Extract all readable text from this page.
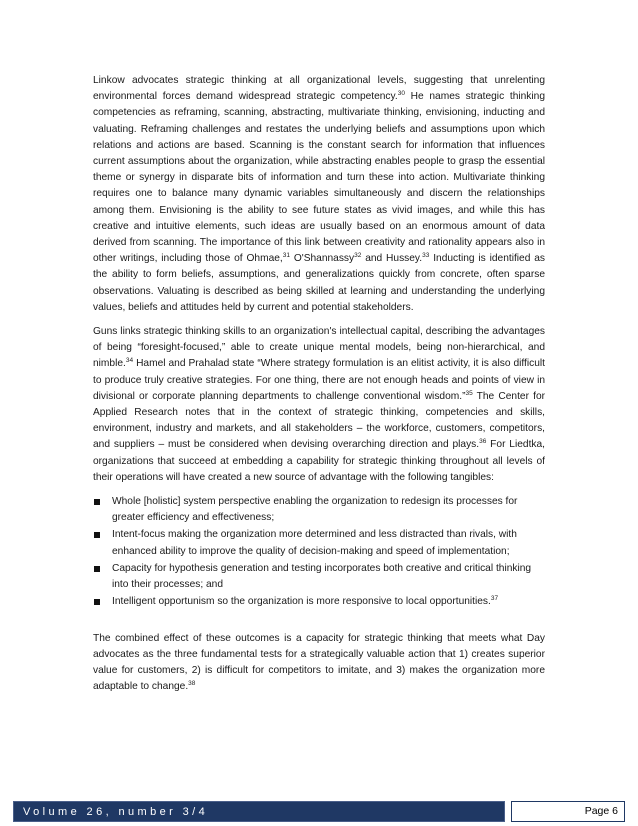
Linkow advocates strategic thinking at all organizational levels, suggesting that unrelenting environmental forces demand widespread strategic competency.$^{30}$ He names strategic thinking competencies as reframing, scanning, abstracting, multivariate thinking, envisioning, inducting and valuating. Reframing challenges and restates the underlying beliefs and assumptions upon which relations and actions are based. Scanning is the constant search for information that influences current assumptions about the organization, while abstracting enables people to grasp the essential theme or synergy in disparate bits of information and turn these into action. Multivariate thinking requires one to balance many dynamic variables simultaneously and discern the relationships among them. Envisioning is the ability to see future states as vivid images, and while this has creative and intuitive elements, such ideas are usually based on an enormous amount of data derived from scanning. The importance of this link between creativity and rationality appears also in other writings, including those of Ohmae,$^{31}$ O'Shannassy$^{32}$ and Hussey.$^{33}$ Inducting is identified as the ability to form beliefs, assumptions, and generalizations quickly from concrete, often sparse observations. Valuating is described as being skilled at learning and understanding the underlying values, beliefs and attitudes held by current and potential stakeholders.

Guns links strategic thinking skills to an organization's intellectual capital, describing the advantages of being “foresight-focused,” able to create unique mental models, being non-hierarchical, and nimble.$^{34}$ Hamel and Prahalad state “Where strategy formulation is an elitist activity, it is also difficult to produce truly creative strategies. For one thing, there are not enough heads and points of view in divisional or corporate planning departments to challenge conventional wisdom.”$^{35}$ The Center for Applied Research notes that in the context of strategic thinking, competencies and skills, environment, industry and markets, and all stakeholders – the workforce, customers, competitors, and suppliers – must be considered when devising overarching direction and plays.$^{36}$ For Liedtka, organizations that succeed at embedding a capability for strategic thinking throughout all levels of their operations will have created a new source of advantage with the following tangibles:

Whole [holistic] system perspective enabling the organization to redesign its processes for greater efficiency and effectiveness;
Intent-focus making the organization more determined and less distracted than rivals, with enhanced ability to improve the quality of decision-making and speed of implementation;
Capacity for hypothesis generation and testing incorporates both creative and critical thinking into their processes; and
Intelligent opportunism so the organization is more responsive to local opportunities.$^{37}$

The combined effect of these outcomes is a capacity for strategic thinking that meets what Day advocates as the three fundamental tests for a strategically valuable action that 1) creates superior value for customers, 2) is difficult for competitors to imitate, and 3) makes the organization more adaptable to change.$^{38}$

Volume 26, number 3/4	Page 6
